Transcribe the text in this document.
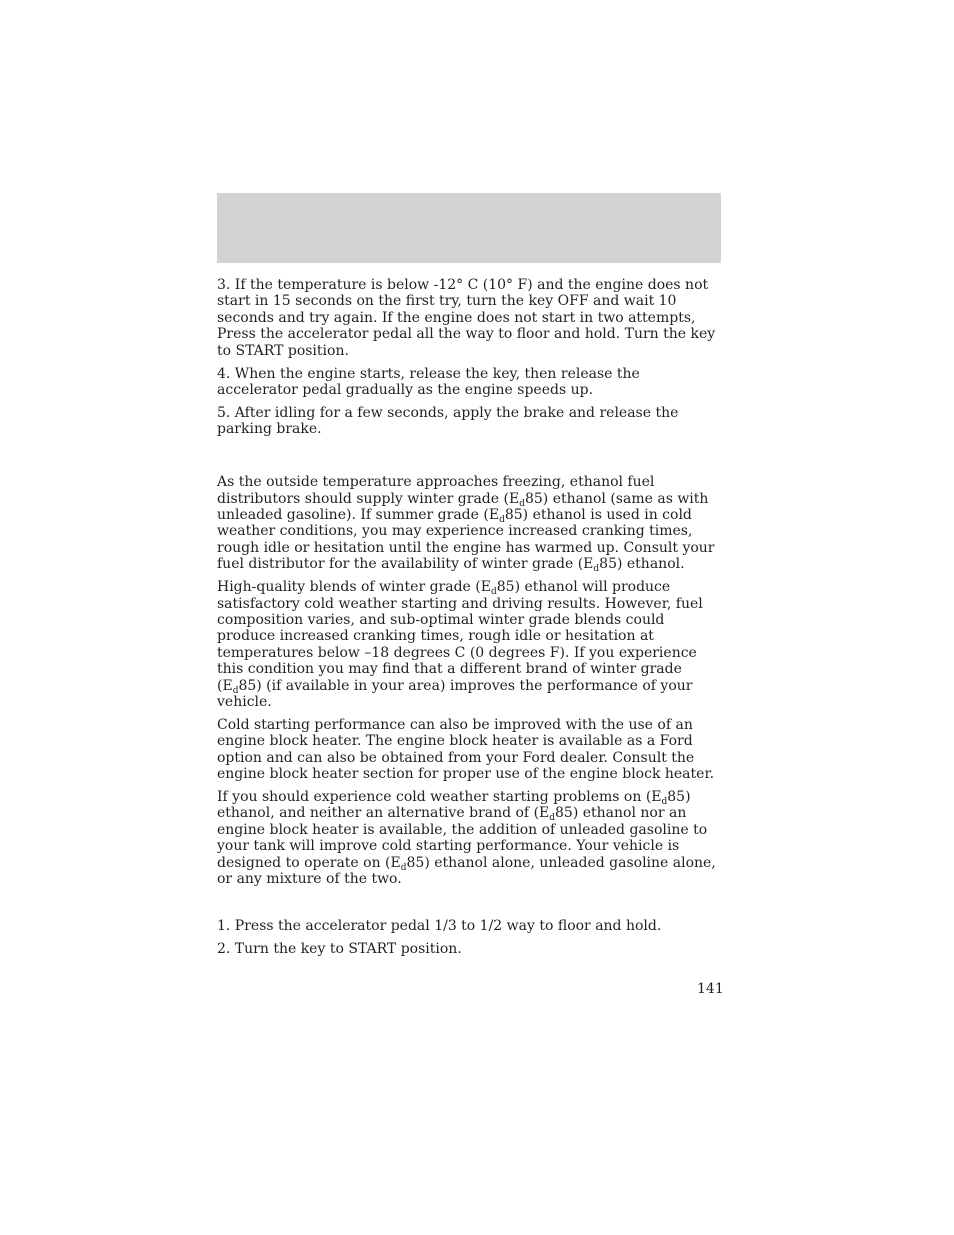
3. If the temperature is below -12° C (10° F) and the engine does not start in 15 seconds on the first try, turn the key OFF and wait 10 seconds and try again. If the engine does not start in two attempts, Press the accelerator pedal all the way to floor and hold. Turn the key to START position.

4. When the engine starts, release the key, then release the accelerator pedal gradually as the engine speeds up.

5. After idling for a few seconds, apply the brake and release the parking brake.

As the outside temperature approaches freezing, ethanol fuel distributors should supply winter grade $(E_d85)$ ethanol (same as with unleaded gasoline). If summer grade $(E_d85)$ ethanol is used in cold weather conditions, you may experience increased cranking times, rough idle or hesitation until the engine has warmed up. Consult your fuel distributor for the availability of winter grade $(E_d85)$ ethanol.

High-quality blends of winter grade $(E_d85)$ ethanol will produce satisfactory cold weather starting and driving results. However, fuel composition varies, and sub-optimal winter grade blends could produce increased cranking times, rough idle or hesitation at temperatures below –18 degrees C (0 degrees F). If you experience this condition you may find that a different brand of winter grade $(E_d85)$ (if available in your area) improves the performance of your vehicle.

Cold starting performance can also be improved with the use of an engine block heater. The engine block heater is available as a Ford option and can also be obtained from your Ford dealer. Consult the engine block heater section for proper use of the engine block heater.

If you should experience cold weather starting problems on $(E_d85)$ ethanol, and neither an alternative brand of $(E_d85)$ ethanol nor an engine block heater is available, the addition of unleaded gasoline to your tank will improve cold starting performance. Your vehicle is designed to operate on $(E_d85)$ ethanol alone, unleaded gasoline alone, or any mixture of the two.

1. Press the accelerator pedal 1/3 to 1/2 way to floor and hold.

2. Turn the key to START position.

141
